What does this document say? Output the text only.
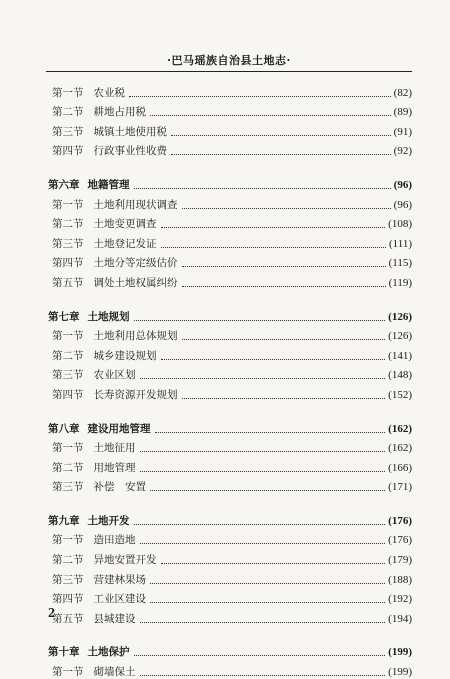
·巴马瑶族自治县土地志·
第一节 农业税	(82)
第二节 耕地占用税	(89)
第三节 城镇土地使用税	(91)
第四节 行政事业性收费	(92)
第六章 地籍管理	(96)
第一节 土地利用现状调查	(96)
第二节 土地变更调查	(108)
第三节 土地登记发证	(111)
第四节 土地分等定级估价	(115)
第五节 调处土地权属纠纷	(119)
第七章 土地规划	(126)
第一节 土地利用总体规划	(126)
第二节 城乡建设规划	(141)
第三节 农业区划	(148)
第四节 长寿资源开发规划	(152)
第八章 建设用地管理	(162)
第一节 土地征用	(162)
第二节 用地管理	(166)
第三节 补偿　安置	(171)
第九章 土地开发	(176)
第一节 造田造地	(176)
第二节 异地安置开发	(179)
第三节 营建林果场	(188)
第四节 工业区建设	(192)
第五节 县城建设	(194)
第十章 土地保护	(199)
第一节 砌墙保土	(199)
2
